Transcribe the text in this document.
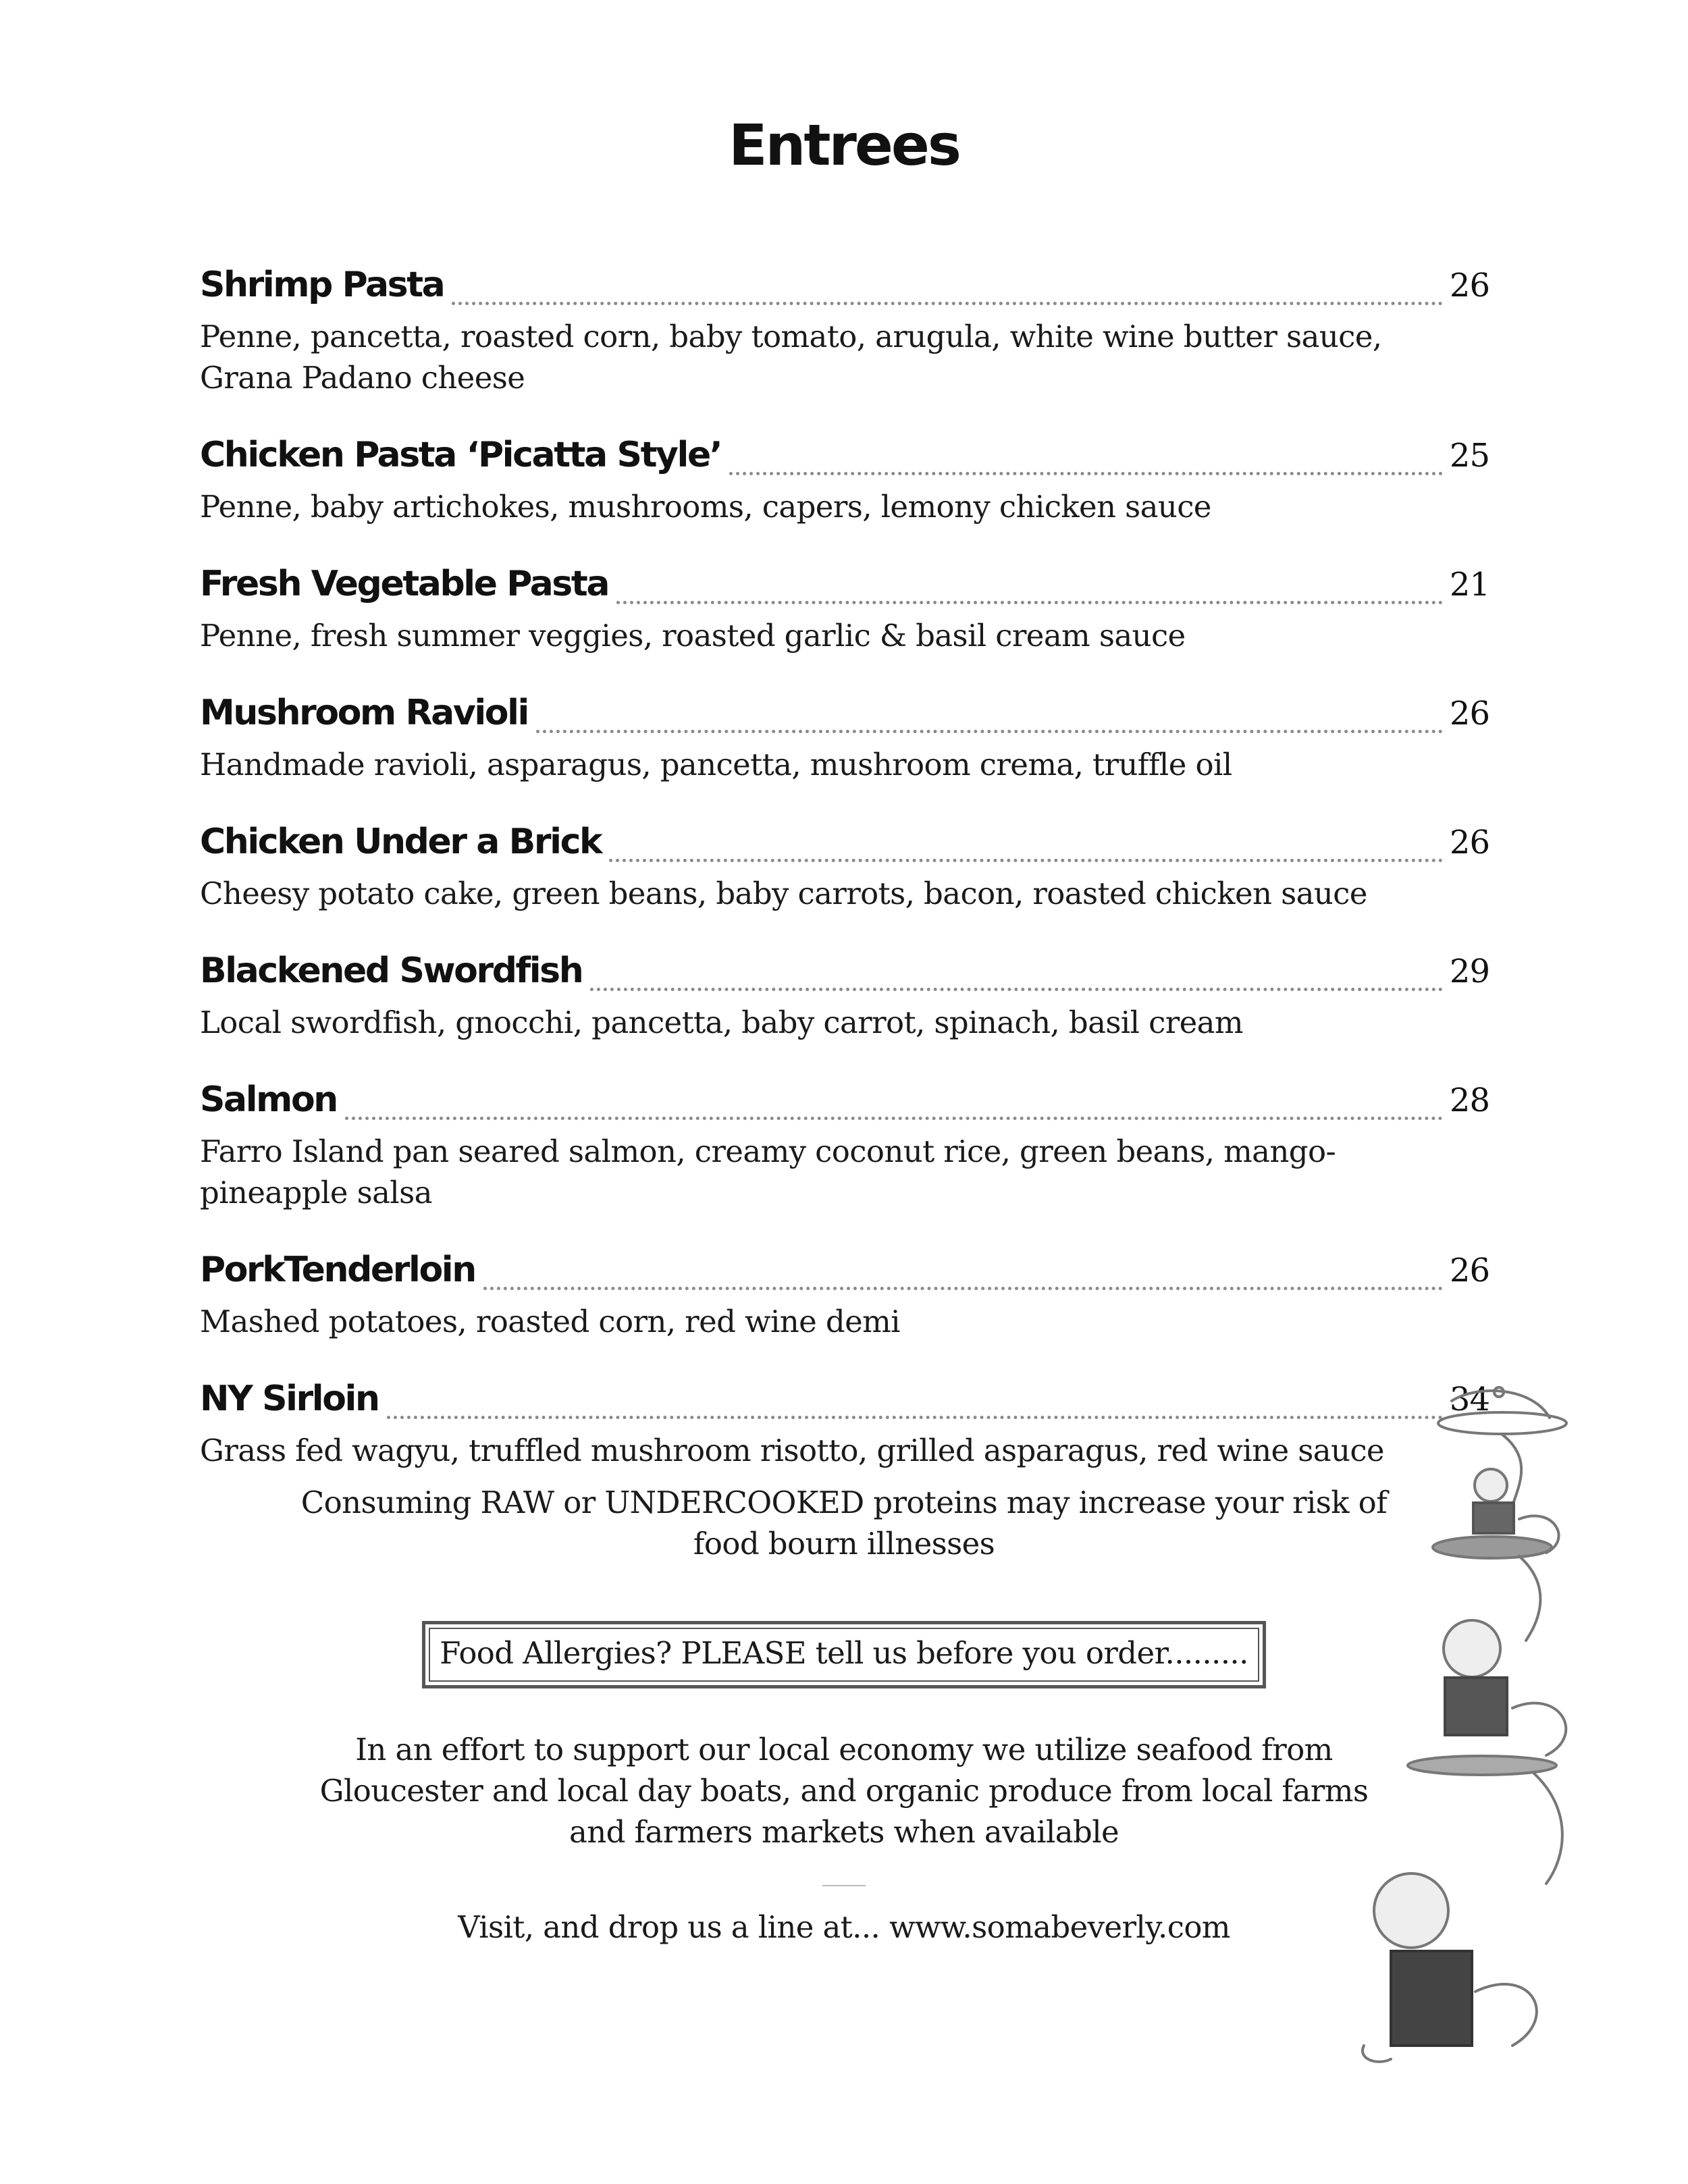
Entrees
Shrimp Pasta	26
Penne, pancetta, roasted corn, baby tomato, arugula, white wine butter sauce, Grana Padano cheese
Chicken Pasta ‘Picatta Style’	25
Penne, baby artichokes, mushrooms, capers, lemony chicken sauce
Fresh Vegetable Pasta	21
Penne, fresh summer veggies, roasted garlic & basil cream sauce
Mushroom Ravioli	26
Handmade ravioli, asparagus, pancetta, mushroom crema, truffle oil
Chicken Under a Brick	26
Cheesy potato cake, green beans, baby carrots, bacon, roasted chicken sauce
Blackened Swordfish	29
Local swordfish, gnocchi, pancetta, baby carrot, spinach, basil cream
Salmon	28
Farro Island pan seared salmon, creamy coconut rice, green beans, mango-pineapple salsa
PorkTenderloin	26
Mashed potatoes, roasted corn, red wine demi
NY Sirloin	34
Grass fed wagyu, truffled mushroom risotto, grilled asparagus, red wine sauce

Consuming RAW or UNDERCOOKED proteins may increase your risk of food bourn illnesses

Food Allergies? PLEASE tell us before you order.........
In an effort to support our local economy we utilize seafood from Gloucester and local day boats, and organic produce from local farms and farmers markets when available
Visit, and drop us a line at... www.somabeverly.com
